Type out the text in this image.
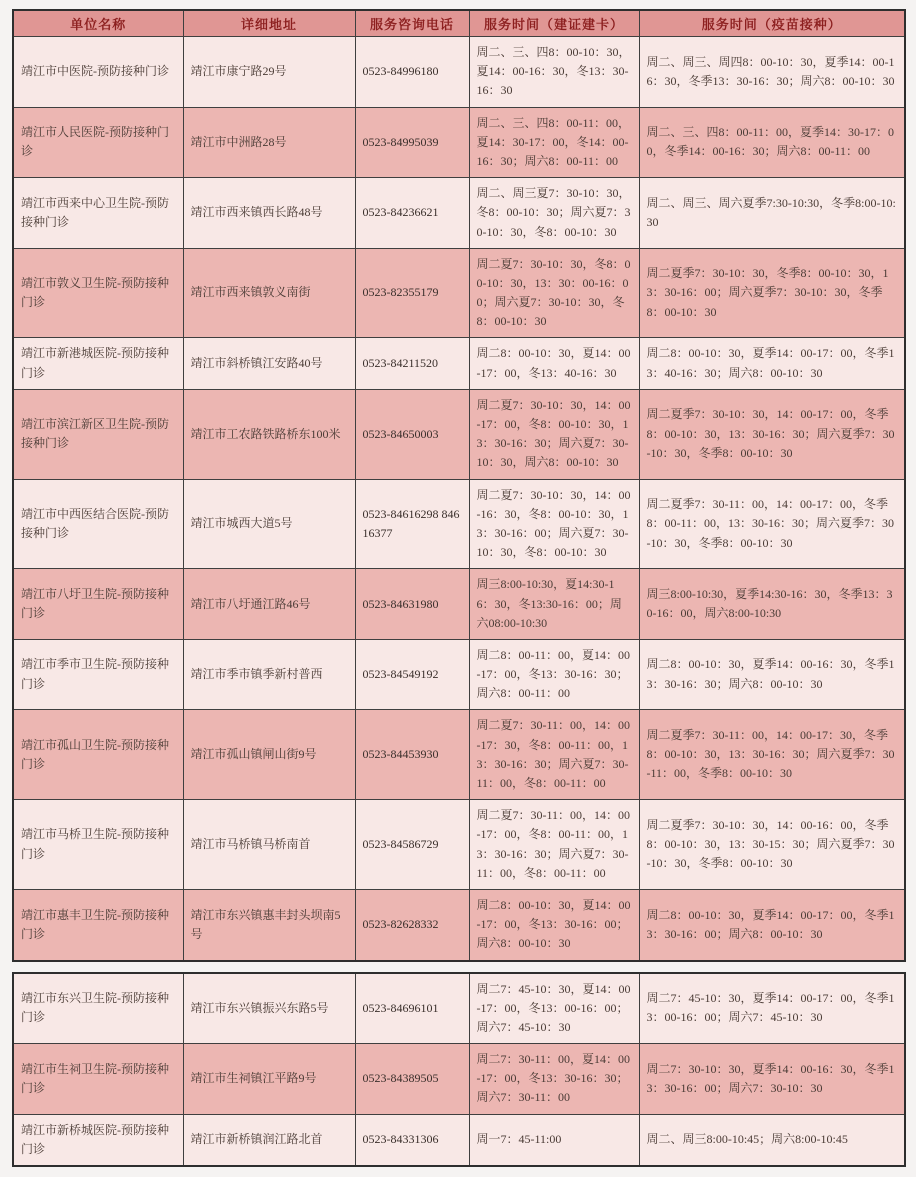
单位名称	详细地址	服务咨询电话	服务时间（建证建卡）	服务时间（疫苗接种）
靖江市中医院-预防接种门诊	靖江市康宁路29号	0523-84996180	周二、三、四8：00-10：30，夏14：00-16：30，冬13：30-16：30	周二、周三、周四8：00-10：30，夏季14：00-16：30，冬季13：30-16：30；周六8：00-10：30
靖江市人民医院-预防接种门诊	靖江市中洲路28号	0523-84995039	周二、三、四8：00-11：00，夏14：30-17：00，冬14：00-16：30；周六8：00-11：00	周二、三、四8：00-11：00，夏季14：30-17：00，冬季14：00-16：30；周六8：00-11：00
靖江市西来中心卫生院-预防接种门诊	靖江市西来镇西长路48号	0523-84236621	周二、周三夏7：30-10：30，冬8：00-10：30；周六夏7：30-10：30，冬8：00-10：30	周二、周三、周六夏季7:30-10:30，冬季8:00-10:30
靖江市敦义卫生院-预防接种门诊	靖江市西来镇敦义南街	0523-82355179	周二夏7：30-10：30，冬8：00-10：30，13：30：00-16：00；周六夏7：30-10：30，冬8：00-10：30	周二夏季7：30-10：30，冬季8：00-10：30，13：30-16：00；周六夏季7：30-10：30，冬季8：00-10：30
靖江市新港城医院-预防接种门诊	靖江市斜桥镇江安路40号	0523-84211520	周二8：00-10：30，夏14：00-17：00，冬13：40-16：30	周二8：00-10：30，夏季14：00-17：00，冬季13：40-16：30；周六8：00-10：30
靖江市滨江新区卫生院-预防接种门诊	靖江市工农路铁路桥东100米	0523-84650003	周二夏7：30-10：30，14：00-17：00，冬8：00-10：30，13：30-16：30；周六夏7：30-10：30，周六8：00-10：30	周二夏季7：30-10：30，14：00-17：00，冬季8：00-10：30，13：30-16：30；周六夏季7：30-10：30，冬季8：00-10：30
靖江市中西医结合医院-预防接种门诊	靖江市城西大道5号	0523-84616298 84616377	周二夏7：30-10：30，14：00-16：30，冬8：00-10：30，13：30-16：00；周六夏7：30-10：30，冬8：00-10：30	周二夏季7：30-11：00，14：00-17：00，冬季8：00-11：00，13：30-16：30；周六夏季7：30-10：30，冬季8：00-10：30
靖江市八圩卫生院-预防接种门诊	靖江市八圩通江路46号	0523-84631980	周三8:00-10:30，夏14:30-16：30，冬13:30-16：00；周六08:00-10:30	周三8:00-10:30，夏季14:30-16：30，冬季13：30-16：00，周六8:00-10:30
靖江市季市卫生院-预防接种门诊	靖江市季市镇季新村普西	0523-84549192	周二8：00-11：00，夏14：00-17：00，冬13：30-16：30；周六8：00-11：00	周二8：00-10：30，夏季14：00-16：30，冬季13：30-16：30；周六8：00-10：30
靖江市孤山卫生院-预防接种门诊	靖江市孤山镇闸山街9号	0523-84453930	周二夏7：30-11：00，14：00-17：30，冬8：00-11：00，13：30-16：30；周六夏7：30-11：00，冬8：00-11：00	周二夏季7：30-11：00，14：00-17：30，冬季8：00-10：30，13：30-16：30；周六夏季7：30-11：00，冬季8：00-10：30
靖江市马桥卫生院-预防接种门诊	靖江市马桥镇马桥南首	0523-84586729	周二夏7：30-11：00，14：00-17：00，冬8：00-11：00，13：30-16：30；周六夏7：30-11：00，冬8：00-11：00	周二夏季7：30-10：30，14：00-16：00，冬季8：00-10：30，13：30-15：30；周六夏季7：30-10：30，冬季8：00-10：30
靖江市惠丰卫生院-预防接种门诊	靖江市东兴镇惠丰封头坝南5号	0523-82628332	周二8：00-10：30，夏14：00-17：00，冬13：30-16：00；周六8：00-10：30	周二8：00-10：30，夏季14：00-17：00，冬季13：30-16：00；周六8：00-10：30
靖江市东兴卫生院-预防接种门诊	靖江市东兴镇振兴东路5号	0523-84696101	周二7：45-10：30，夏14：00-17：00，冬13：00-16：00；周六7：45-10：30	周二7：45-10：30，夏季14：00-17：00，冬季13：00-16：00；周六7：45-10：30
靖江市生祠卫生院-预防接种门诊	靖江市生祠镇江平路9号	0523-84389505	周二7：30-11：00，夏14：00-17：00，冬13：30-16：30；周六7：30-11：00	周二7：30-10：30，夏季14：00-16：30，冬季13：30-16：00；周六7：30-10：30
靖江市新桥城医院-预防接种门诊	靖江市新桥镇润江路北首	0523-84331306	周一7：45-11:00	周二、周三8:00-10:45；周六8:00-10:45
